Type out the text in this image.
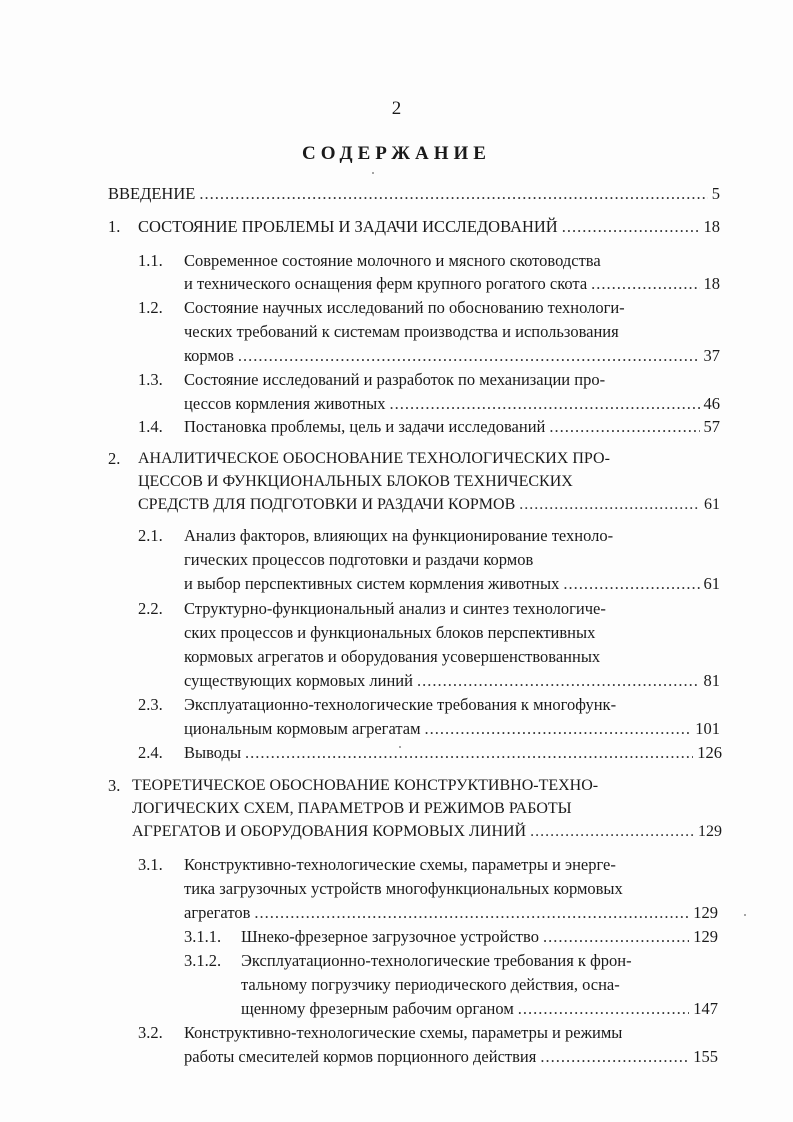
2
СОДЕРЖАНИЕ
ВВЕДЕНИЕ .....	5
1. СОСТОЯНИЕ ПРОБЛЕМЫ И ЗАДАЧИ ИССЛЕДОВАНИЙ .....	18
1.1. Современное состояние молочного и мясного скотоводства
и технического оснащения ферм крупного рогатого скота .....	18
1.2. Состояние научных исследований по обоснованию технологи-
ческих требований к системам производства и использования
кормов .....	37
1.3. Состояние исследований и разработок по механизации про-
цессов кормления животных .....	46
1.4. Постановка проблемы, цель и задачи исследований .....	57
2. АНАЛИТИЧЕСКОЕ ОБОСНОВАНИЕ ТЕХНОЛОГИЧЕСКИХ ПРО-
ЦЕССОВ И ФУНКЦИОНАЛЬНЫХ БЛОКОВ ТЕХНИЧЕСКИХ
СРЕДСТВ ДЛЯ ПОДГОТОВКИ И РАЗДАЧИ КОРМОВ .....	61
2.1. Анализ факторов, влияющих на функционирование техноло-
гических процессов подготовки и раздачи кормов
и выбор перспективных систем кормления животных .....	61
2.2. Структурно-функциональный анализ и синтез технологиче-
ских процессов и функциональных блоков перспективных
кормовых агрегатов и оборудования усовершенствованных
существующих кормовых линий .....	81
2.3. Эксплуатационно-технологические требования к многофунк-
циональным кормовым агрегатам .....	101
2.4. Выводы .....	126
3. ТЕОРЕТИЧЕСКОЕ ОБОСНОВАНИЕ КОНСТРУКТИВНО-ТЕХНО-
ЛОГИЧЕСКИХ СХЕМ, ПАРАМЕТРОВ И РЕЖИМОВ РАБОТЫ
АГРЕГАТОВ И ОБОРУДОВАНИЯ КОРМОВЫХ ЛИНИЙ .....	129
3.1. Конструктивно-технологические схемы, параметры и энерге-
тика загрузочных устройств многофункциональных кормовых
агрегатов .....	129
3.1.1. Шнеко-фрезерное загрузочное устройство .....	129
3.1.2. Эксплуатационно-технологические требования к фрон-
тальному погрузчику периодического действия, осна-
щенному фрезерным рабочим органом .....	147
3.2. Конструктивно-технологические схемы, параметры и режимы
работы смесителей кормов порционного действия .....	155
